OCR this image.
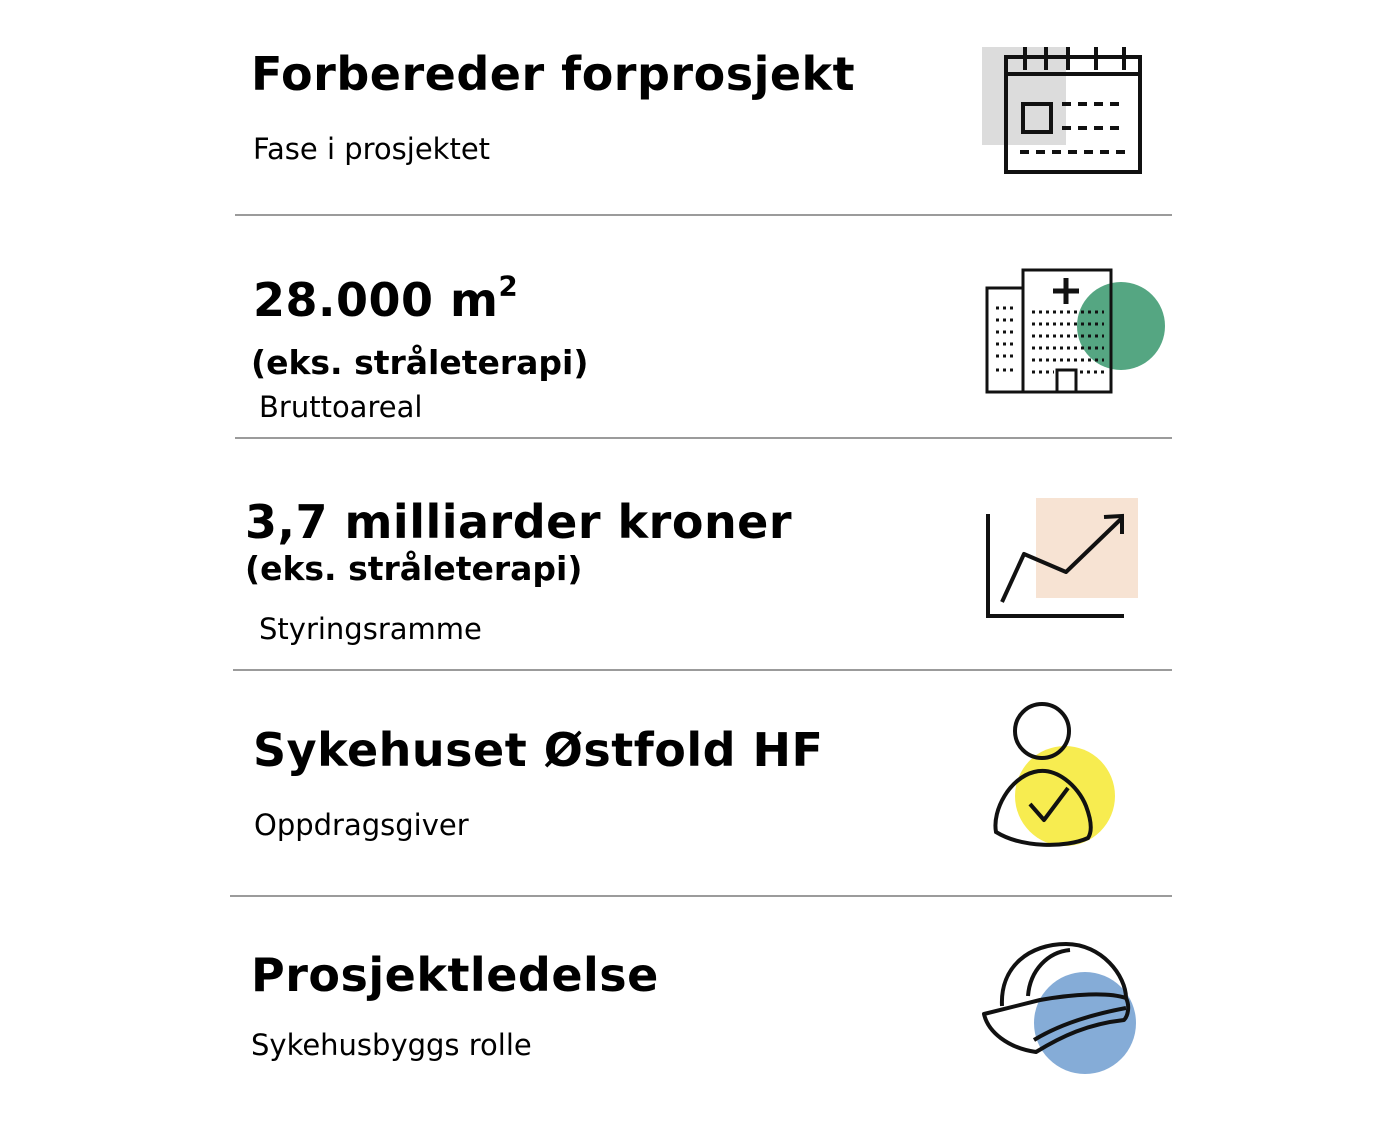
Forbereder forprosjekt
Fase i prosjektet
28.000 $m^2$
(eks. stråleterapi)
Bruttoareal
3,7 milliarder kroner
(eks. stråleterapi)
Styringsramme
Sykehuset Østfold HF
Oppdragsgiver
Prosjektledelse
Sykehusbyggs rolle
